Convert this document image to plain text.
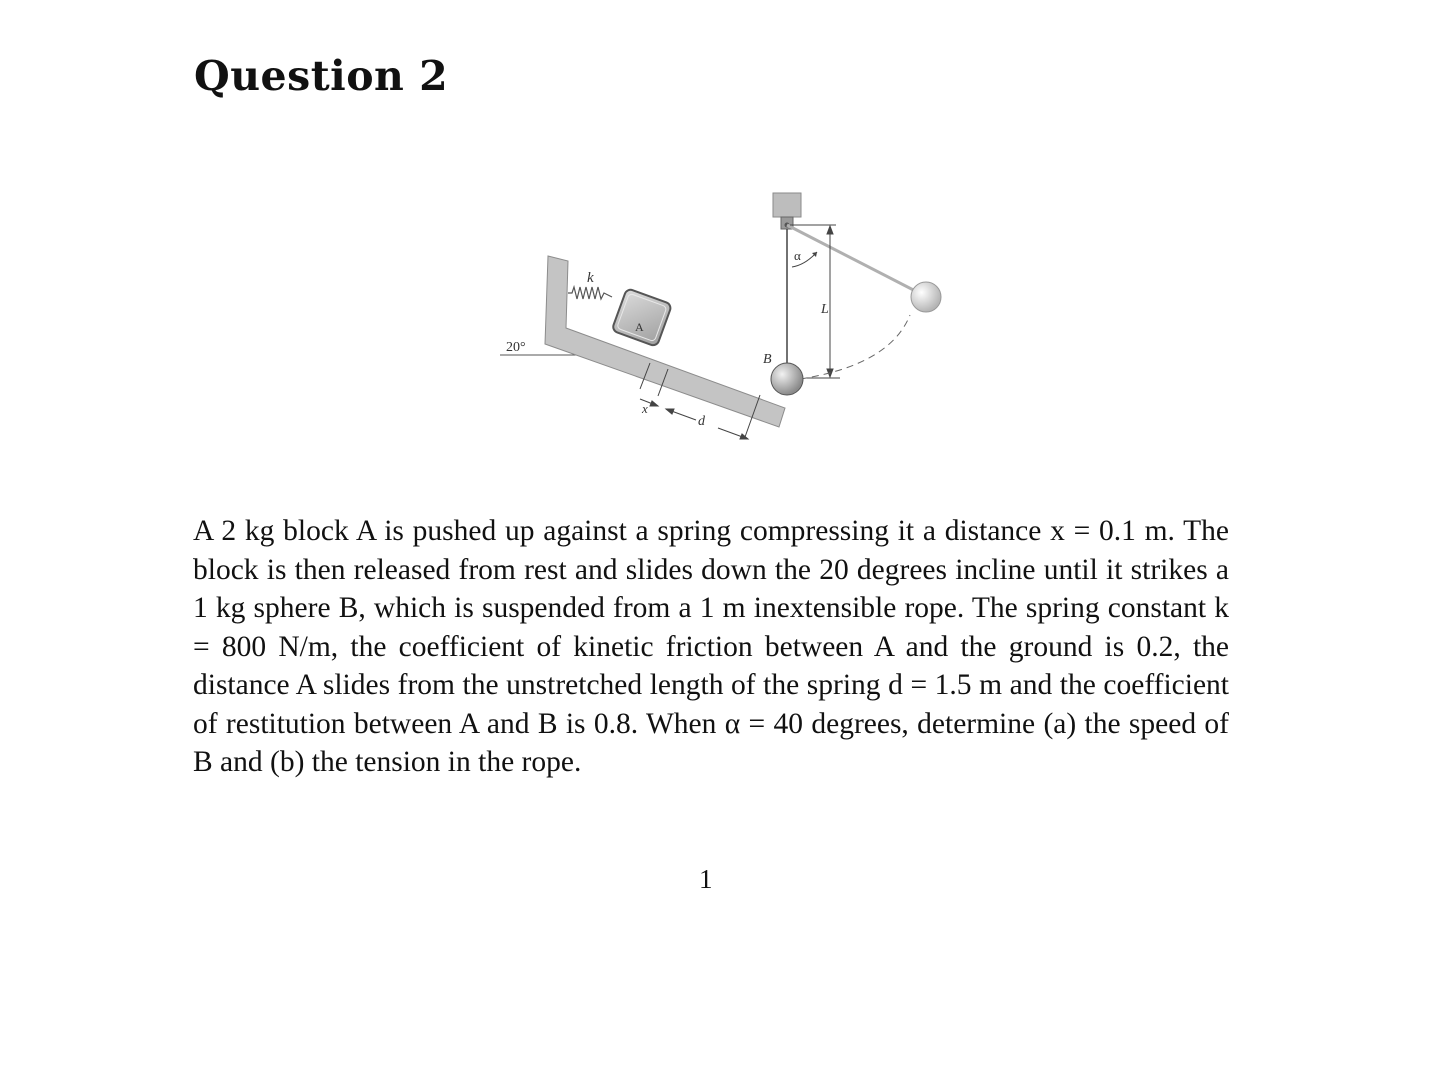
Question 2
20°
k
A
x
d
α
L
B

A 2 kg block A is pushed up against a spring compressing it a distance x = 0.1 m. The block is then released from rest and slides down the 20 degrees incline until it strikes a 1 kg sphere B, which is suspended from a 1 m inextensible rope. The spring constant k = 800 N/m, the coefficient of kinetic friction between A and the ground is 0.2, the distance A slides from the unstretched length of the spring d = 1.5 m and the coefficient of restitution between A and B is 0.8. When α = 40 degrees, determine (a) the speed of B and (b) the tension in the rope.

1
